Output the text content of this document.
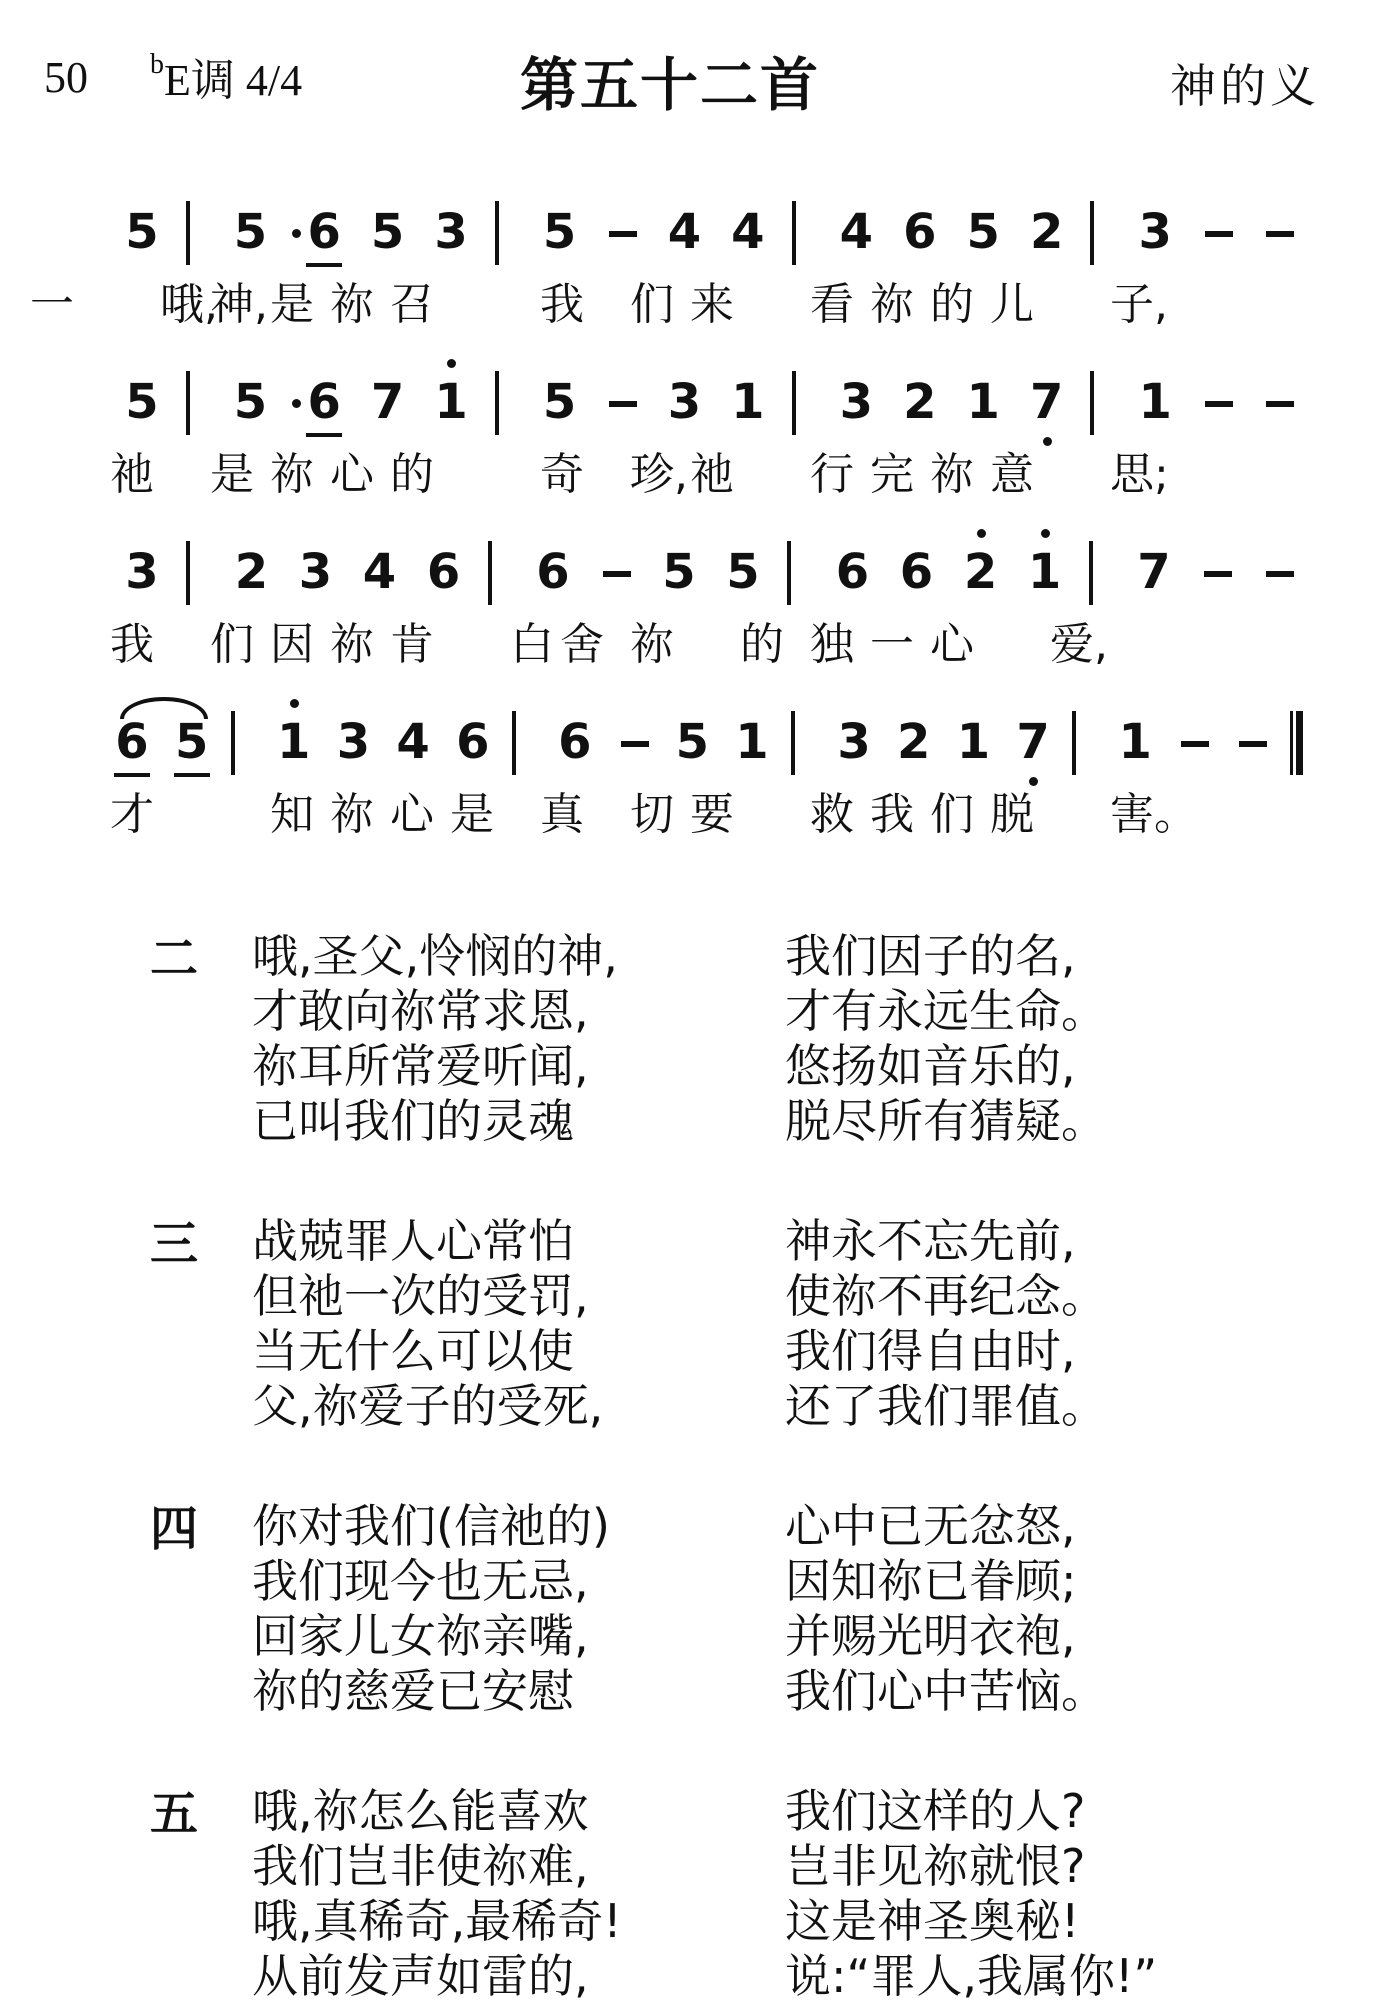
50 $^b$E调 4/4	第五十二首	神的义
5 5 6 5 3 5 4 4 4 6 5 2 3
一 哦,
神, 是 祢 召 我 们 来 看 祢 的 儿 子,
5 5 6 7 1 5 3 1 3 2 1 7 1
祂 是 祢 心 的 奇 珍, 祂 行 完 祢 意 思;
3 2 3 4 6 6 5 5 6 6 2 1 7
我 们 因 祢 肯 白 舍 祢 的 独 一 心 爱,
6 5 1 3 4 6 6 5 1 3 2 1 7 1
才	知 祢 心 是 真 切 要 救 我 们 脱 害。
二 哦,圣父,怜悯的神,
才敢向祢常求恩,
祢耳所常爱听闻,
已叫我们的灵魂
我们因子的名,
才有永远生命。
悠扬如音乐的,
脱尽所有猜疑。
三 战兢罪人心常怕
但祂一次的受罚,
当无什么可以使
父,祢爱子的受死,
神永不忘先前,
使祢不再纪念。
我们得自由时,
还了我们罪值。
四 你对我们(信祂的)
我们现今也无忌,
回家儿女祢亲嘴,
祢的慈爱已安慰
心中已无忿怒,
因知祢已眷顾;
并赐光明衣袍,
我们心中苦恼。
五 哦,祢怎么能喜欢
我们岂非使祢难,
哦,真稀奇,最稀奇!
从前发声如雷的,
我们这样的人?
岂非见祢就恨?
这是神圣奥秘!
说:“罪人,我属你!”
